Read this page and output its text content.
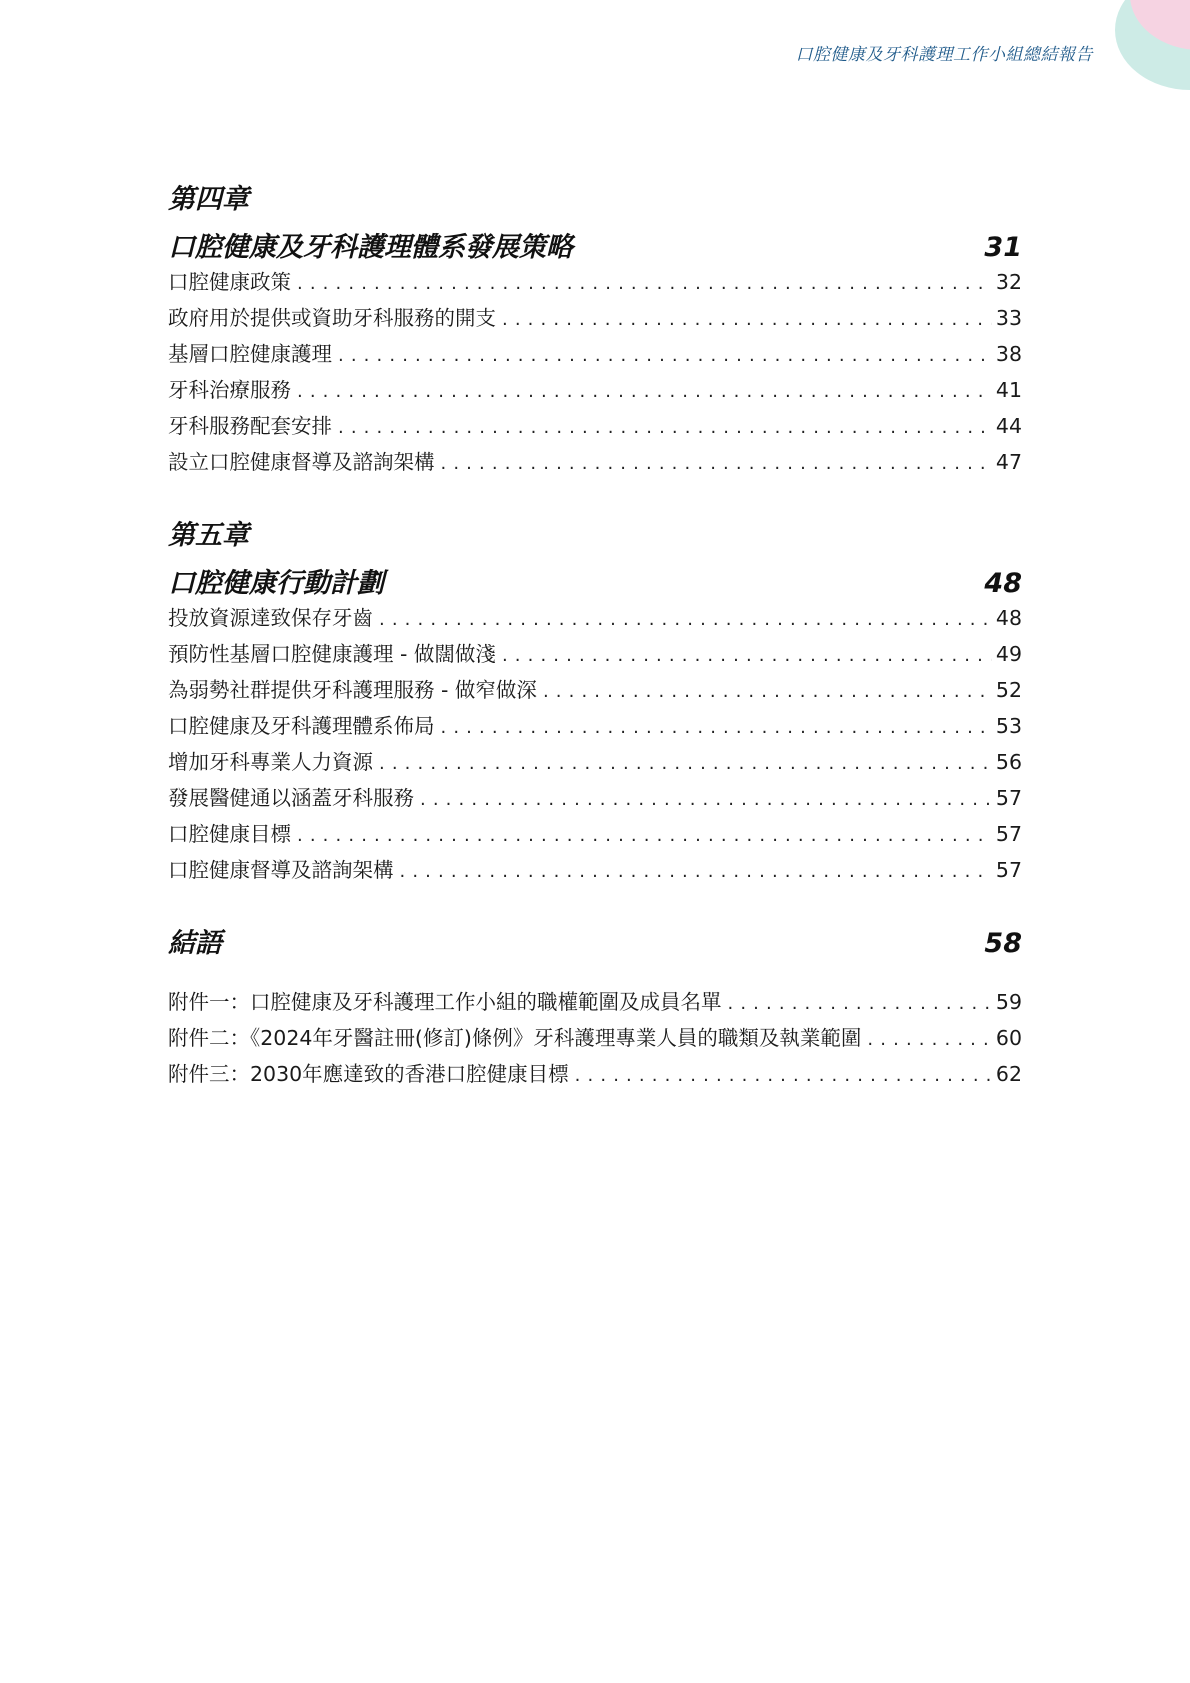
口腔健康及牙科護理工作小組總結報告
第四章
口腔健康及牙科護理體系發展策略	31
口腔健康政策 . . .	32
政府用於提供或資助牙科服務的開支 . . .	33
基層口腔健康護理 . . .	38
牙科治療服務 . . .	41
牙科服務配套安排 . . .	44
設立口腔健康督導及諮詢架構 . . .	47
第五章
口腔健康行動計劃	48
投放資源達致保存牙齒 . . .	48
預防性基層口腔健康護理 - 做闊做淺 . . .	49
為弱勢社群提供牙科護理服務 - 做窄做深 . . .	52
口腔健康及牙科護理體系佈局 . . .	53
增加牙科專業人力資源 . . .	56
發展醫健通以涵蓋牙科服務 . . .	57
口腔健康目標 . . .	57
口腔健康督導及諮詢架構 . . .	57
結語	58
附件一：口腔健康及牙科護理工作小組的職權範圍及成員名單 . . .	59
附件二：《2024年牙醫註冊(修訂)條例》牙科護理專業人員的職類及執業範圍 . . .	60
附件三：2030年應達致的香港口腔健康目標 . . .	62
